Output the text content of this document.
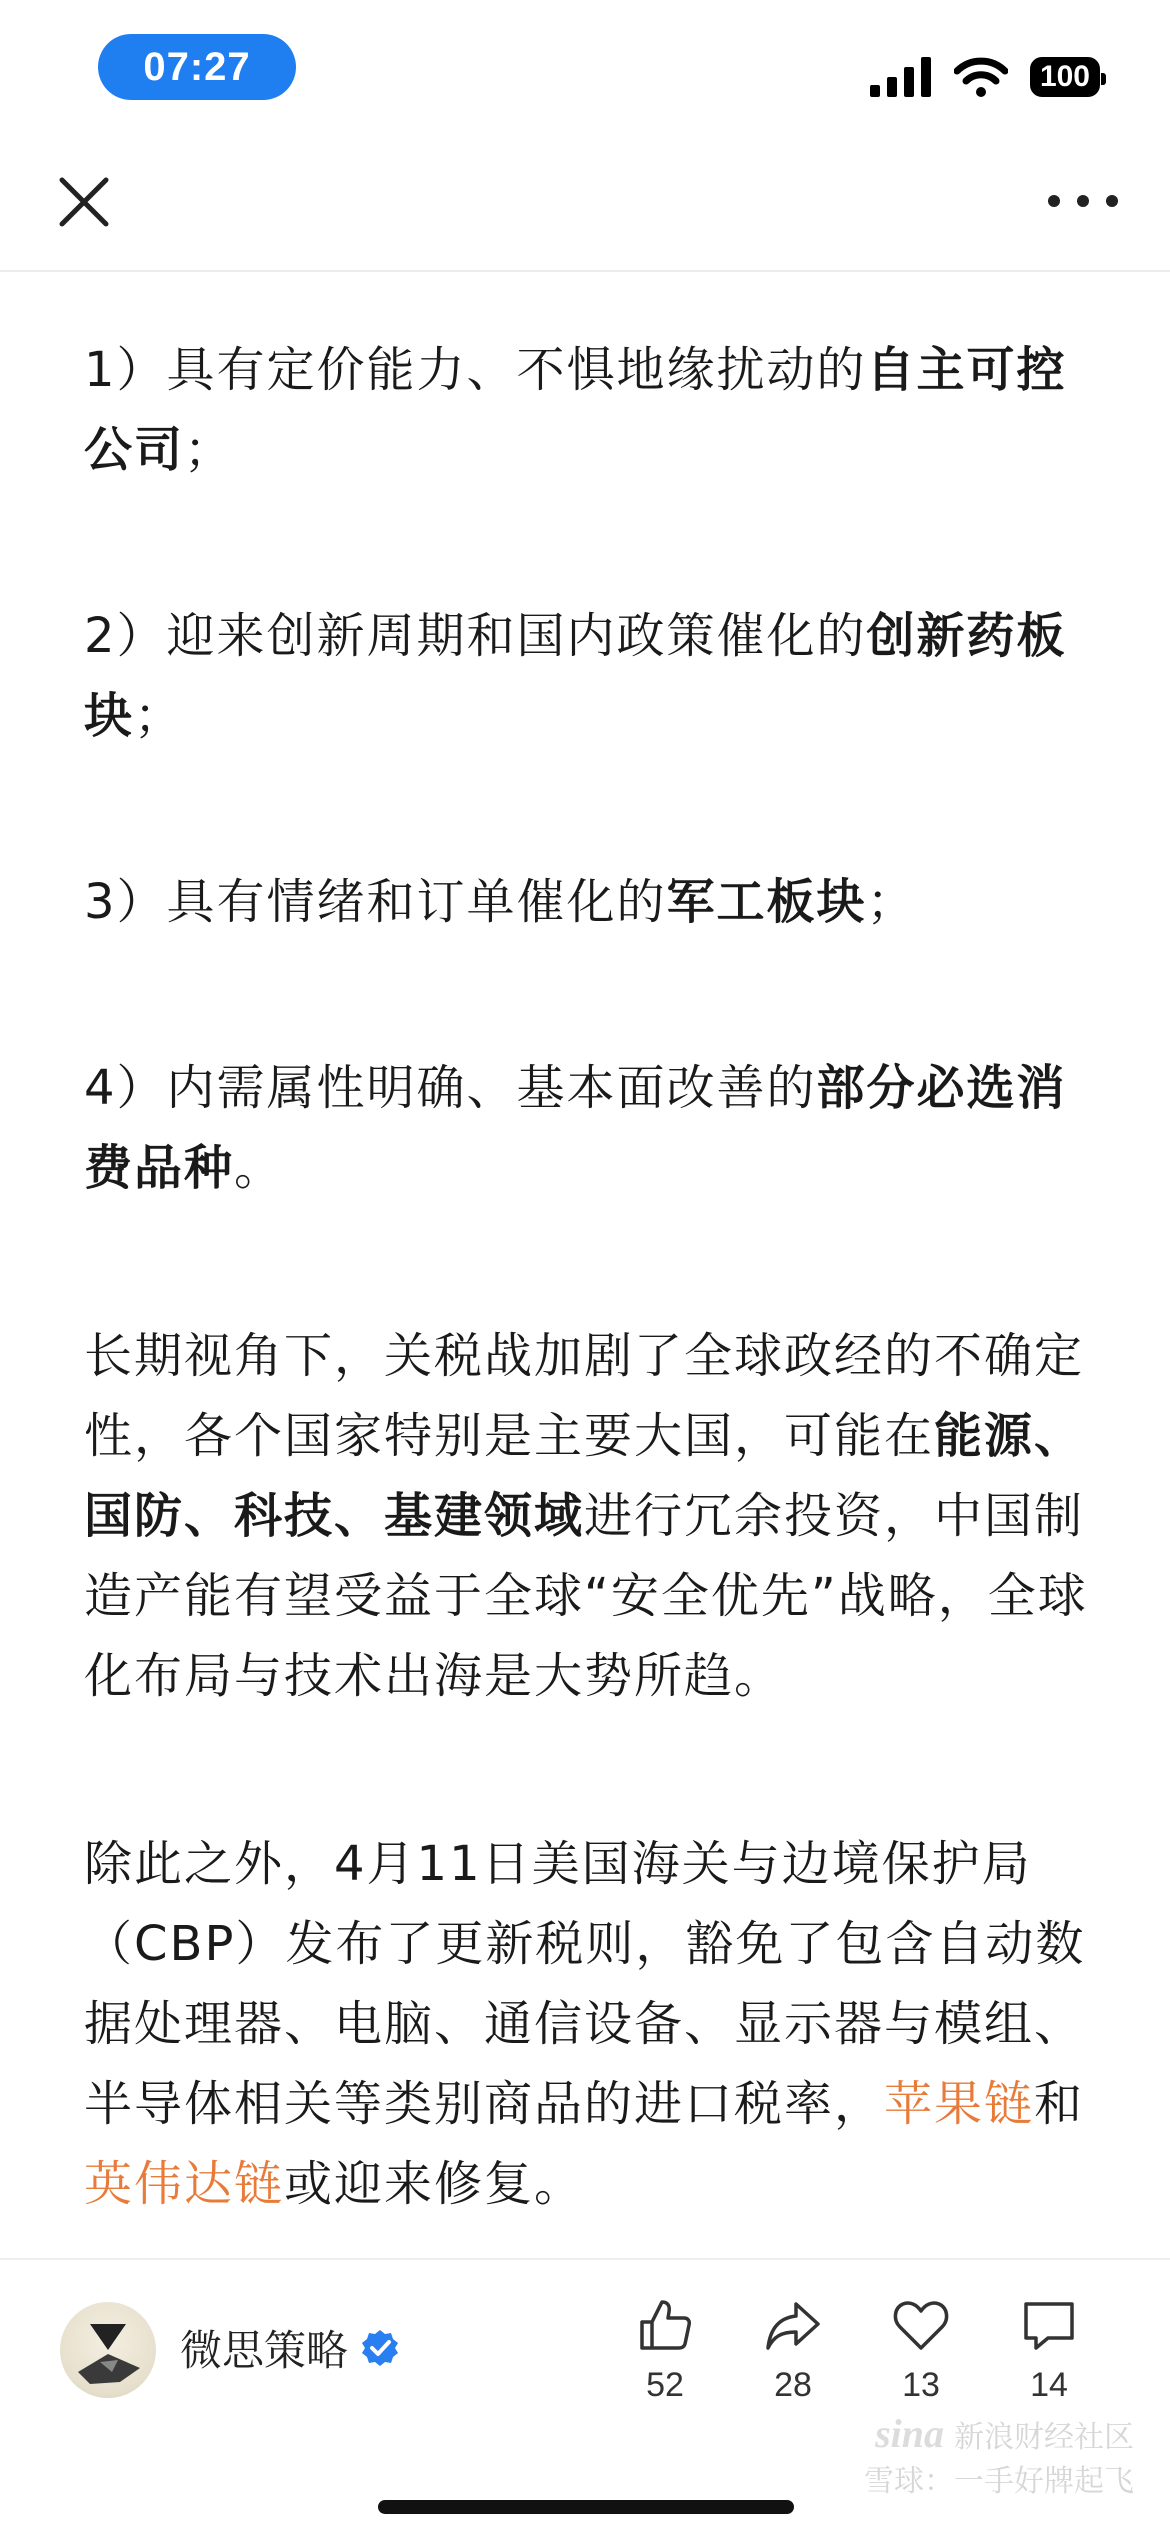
07:27	100

1）具有定价能力、不惧地缘扰动的自主可控公司；

2）迎来创新周期和国内政策催化的创新药板块；

3）具有情绪和订单催化的军工板块；

4）内需属性明确、基本面改善的部分必选消费品种。

长期视角下，关税战加剧了全球政经的不确定性，各个国家特别是主要大国，可能在能源、国防、科技、基建领域进行冗余投资，中国制造产能有望受益于全球“安全优先”战略，全球化布局与技术出海是大势所趋。

除此之外，4月11日美国海关与边境保护局（CBP）发布了更新税则，豁免了包含自动数据处理器、电脑、通信设备、显示器与模组、半导体相关等类别商品的进口税率，苹果链和英伟达链或迎来修复。

微思策略
52	28	13	14
sina 新浪财经社区
雪球：一手好牌起飞
